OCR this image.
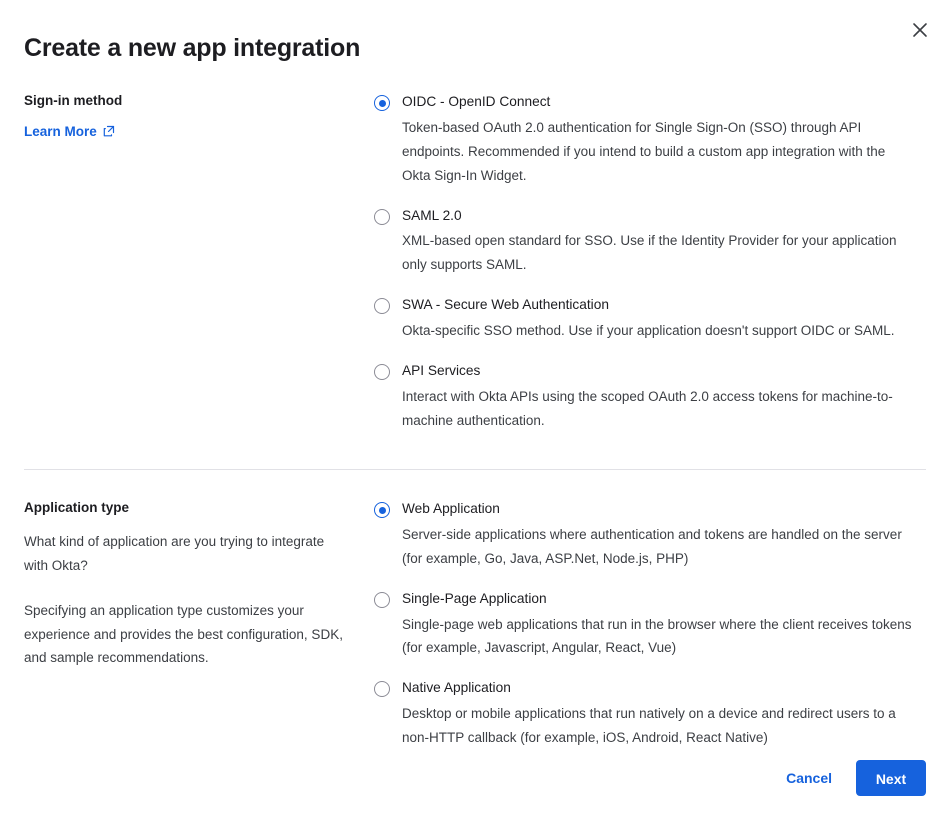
Create a new app integration

Sign-in method

Learn More

OIDC - OpenID Connect

Token-based OAuth 2.0 authentication for Single Sign-On (SSO) through API endpoints. Recommended if you intend to build a custom app integration with the Okta Sign-In Widget.

SAML 2.0

XML-based open standard for SSO. Use if the Identity Provider for your application only supports SAML.

SWA - Secure Web Authentication

Okta-specific SSO method. Use if your application doesn't support OIDC or SAML.

API Services

Interact with Okta APIs using the scoped OAuth 2.0 access tokens for machine-to-machine authentication.

Application type

What kind of application are you trying to integrate with Okta?

Specifying an application type customizes your experience and provides the best configuration, SDK, and sample recommendations.

Web Application

Server-side applications where authentication and tokens are handled on the server (for example, Go, Java, ASP.Net, Node.js, PHP)

Single-Page Application

Single-page web applications that run in the browser where the client receives tokens (for example, Javascript, Angular, React, Vue)

Native Application

Desktop or mobile applications that run natively on a device and redirect users to a non-HTTP callback (for example, iOS, Android, React Native)

Cancel	Next
